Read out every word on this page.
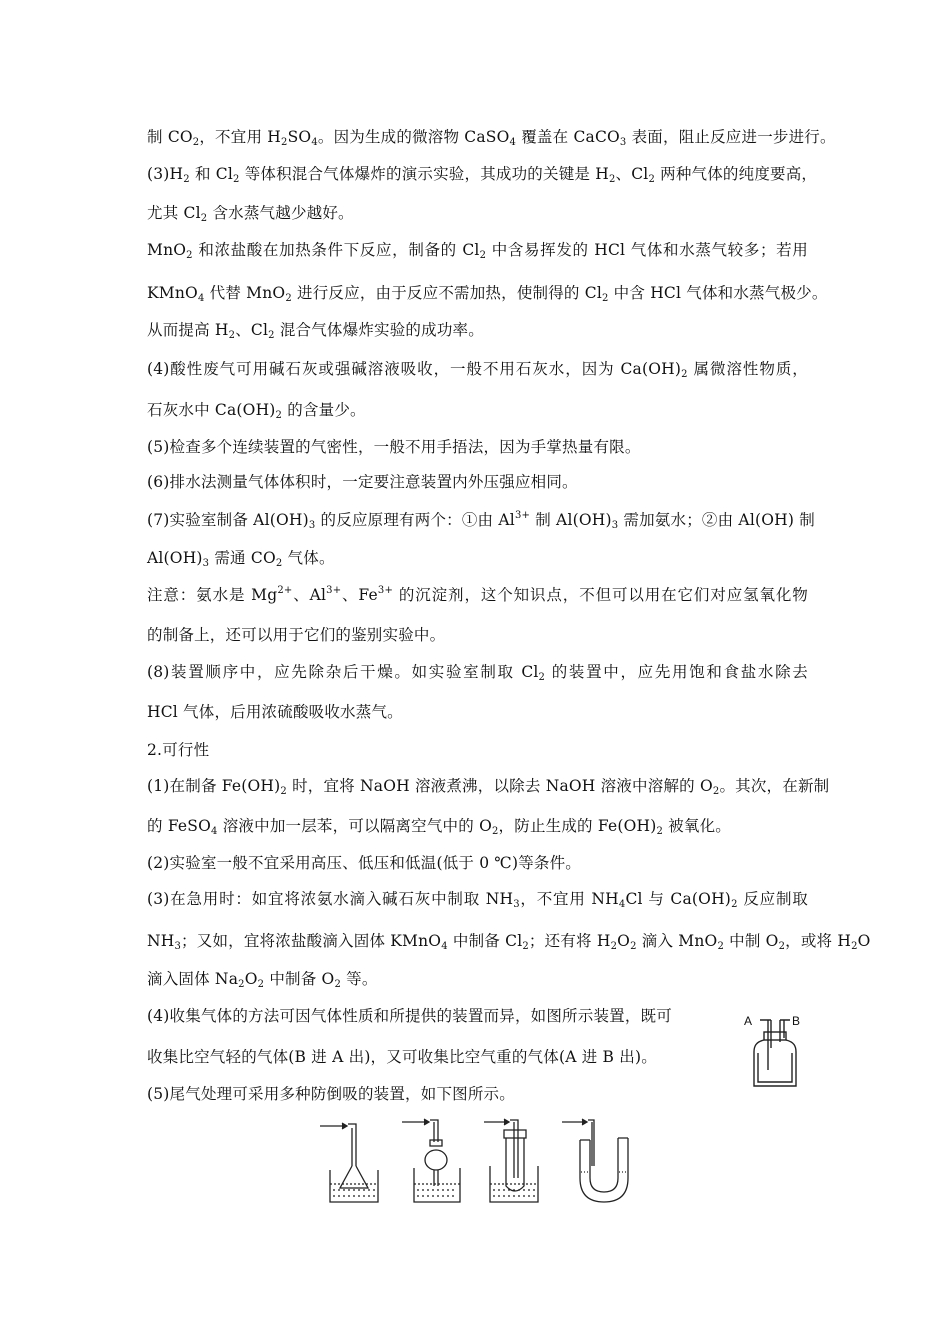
制 $CO_2$，不宜用 $H_2SO_4$。因为生成的微溶物 CaSO$_4$ 覆盖在 CaCO$_3$ 表面，阻止反应进一步进行。
$(3)H_2$ 和 $Cl_2$ 等体积混合气体爆炸的演示实验，其成功的关键是 $H_2$、$Cl_2$ 两种气体的纯度要高，
尤其 $Cl_2$ 含水蒸气越少越好。
MnO$_2$ 和浓盐酸在加热条件下反应，制备的 $Cl_2$ 中含易挥发的 HCl 气体和水蒸气较多；若用
KMnO$_4$ 代替 MnO$_2$ 进行反应，由于反应不需加热，使制得的 $Cl_2$ 中含 HCl 气体和水蒸气极少。
从而提高 $H_2$、$Cl_2$ 混合气体爆炸实验的成功率。
(4)酸性废气可用碱石灰或强碱溶液吸收，一般不用石灰水，因为 $Ca(OH)_2$ 属微溶性物质，
石灰水中 $Ca(OH)_2$ 的含量少。
(5)检查多个连续装置的气密性，一般不用手捂法，因为手掌热量有限。
(6)排水法测量气体体积时，一定要注意装置内外压强应相同。
(7)实验室制备 $Al(OH)_3$ 的反应原理有两个：①由 $Al^{3+}$ 制 $Al(OH)_3$ 需加氨水；②由 Al(OH) 制
$Al(OH)_3$ 需通 $CO_2$ 气体。
注意：氨水是 $Mg^{2+}$、$Al^{3+}$、$Fe^{3+}$ 的沉淀剂，这个知识点，不但可以用在它们对应氢氧化物
的制备上，还可以用于它们的鉴别实验中。
(8)装置顺序中，应先除杂后干燥。如实验室制取 $Cl_2$ 的装置中，应先用饱和食盐水除去
HCl 气体，后用浓硫酸吸收水蒸气。
2.可行性
(1)在制备 $Fe(OH)_2$ 时，宜将 NaOH 溶液煮沸，以除去 NaOH 溶液中溶解的 $O_2$。其次，在新制
的 FeSO$_4$ 溶液中加一层苯，可以隔离空气中的 $O_2$，防止生成的 $Fe(OH)_2$ 被氧化。
(2)实验室一般不宜采用高压、低压和低温(低于 0 ℃)等条件。
(3)在急用时：如宜将浓氨水滴入碱石灰中制取 $NH_3$，不宜用 $NH_4Cl$ 与 $Ca(OH)_2$ 反应制取
$NH_3$；又如，宜将浓盐酸滴入固体 KMnO$_4$ 中制备 $Cl_2$；还有将 $H_2O_2$ 滴入 MnO$_2$ 中制 $O_2$，或将 $H_2O$
滴入固体 $Na_2O_2$ 中制备 $O_2$ 等。
(4)收集气体的方法可因气体性质和所提供的装置而异，如图所示装置，既可
收集比空气轻的气体(B 进 A 出)，又可收集比空气重的气体(A 进 B 出)。
(5)尾气处理可采用多种防倒吸的装置，如下图所示。
A	B
